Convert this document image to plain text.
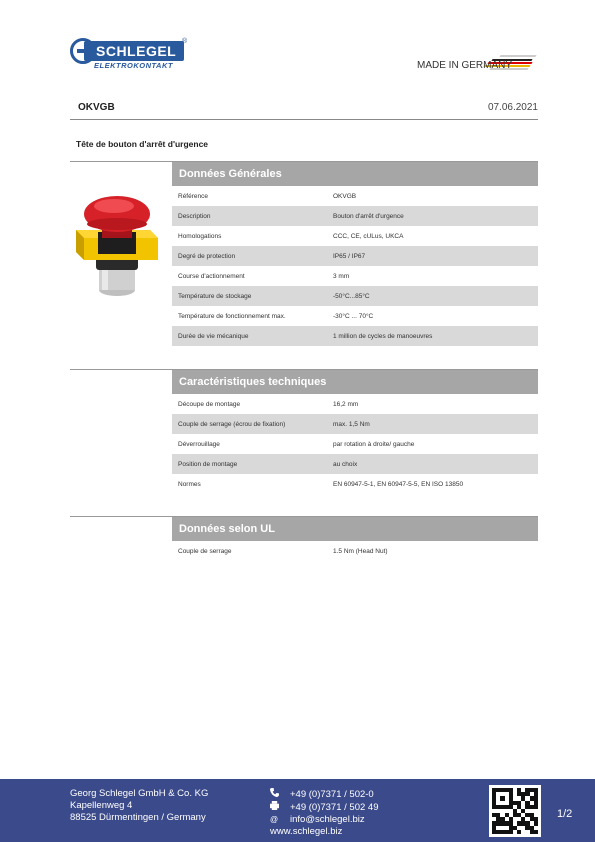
SCHLEGEL
®
ELEKTROKONTAKT	MADE IN GERMANY
OKVGB	07.06.2021
Tête de bouton d'arrêt d'urgence
Données Générales
Référence	OKVGB
Description	Bouton d'arrêt d'urgence
Homologations	CCC, CE, cULus, UKCA
Degré de protection	IP65 / IP67
Course d'actionnement	3 mm
Température de stockage	-50°C...85°C
Température de fonctionnement max.	-30°C ... 70°C
Durée de vie mécanique	1 million de cycles de manoeuvres
Caractéristiques techniques
Découpe de montage	16,2 mm
Couple de serrage (écrou de fixation)	max. 1,5 Nm
Déverrouillage	par rotation à droite/ gauche
Position de montage	au choix
Normes	EN 60947-5-1, EN 60947-5-5, EN ISO 13850
Données selon UL
Couple de serrage	1.5 Nm (Head Nut)
Georg Schlegel GmbH & Co. KG
Kapellenweg 4
88525 Dürmentingen / Germany
+49 (0)7371 / 502-0
+49 (0)7371 / 502 49
@	info@schlegel.biz
www.schlegel.biz
1/2
